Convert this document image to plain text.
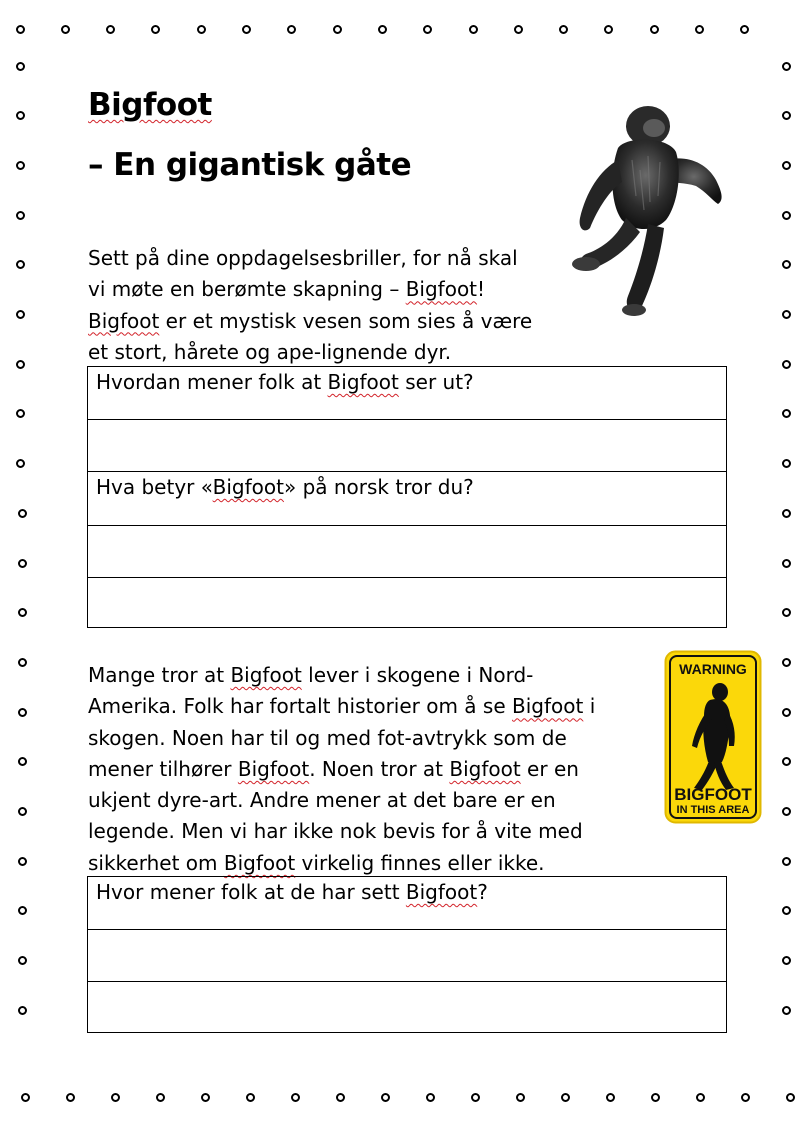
Bigfoot
– En gigantisk gåte
Sett på dine oppdagelsesbriller, for nå skal
vi møte en berømte skapning – Bigfoot!
Bigfoot er et mystisk vesen som sies å være
et stort, hårete og ape-lignende dyr.
Hvordan mener folk at Bigfoot ser ut?
Hva betyr «Bigfoot» på norsk tror du?
WARNING
BIGFOOT
IN THIS AREA
Mange tror at Bigfoot lever i skogene i Nord-
Amerika. Folk har fortalt historier om å se Bigfoot i
skogen. Noen har til og med fot-avtrykk som de
mener tilhører Bigfoot. Noen tror at Bigfoot er en
ukjent dyre-art. Andre mener at det bare er en
legende. Men vi har ikke nok bevis for å vite med
sikkerhet om Bigfoot virkelig finnes eller ikke.
Hvor mener folk at de har sett Bigfoot?
